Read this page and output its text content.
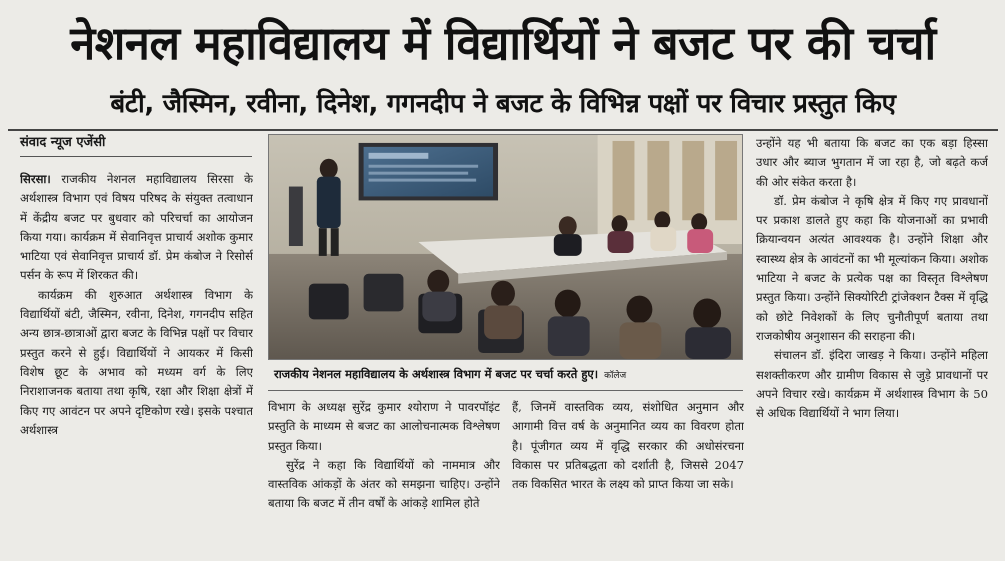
नेशनल महाविद्यालय में विद्यार्थियों ने बजट पर की चर्चा
बंटी, जैस्मिन, रवीना, दिनेश, गगनदीप ने बजट के विभिन्न पक्षों पर विचार प्रस्तुत किए
संवाद न्यूज एजेंसी

सिरसा। राजकीय नेशनल महाविद्यालय सिरसा के अर्थशास्त्र विभाग एवं विषय परिषद के संयुक्त तत्वाधान में केंद्रीय बजट पर बुधवार को परिचर्चा का आयोजन किया गया। कार्यक्रम में सेवानिवृत्त प्राचार्य अशोक कुमार भाटिया एवं सेवानिवृत्त प्राचार्य डॉ. प्रेम कंबोज ने रिसोर्स पर्सन के रूप में शिरकत की।

कार्यक्रम की शुरुआत अर्थशास्त्र विभाग के विद्यार्थियों बंटी, जैस्मिन, रवीना, दिनेश, गगनदीप सहित अन्य छात्र-छात्राओं द्वारा बजट के विभिन्न पक्षों पर विचार प्रस्तुत करने से हुई। विद्यार्थियों ने आयकर में किसी विशेष छूट के अभाव को मध्यम वर्ग के लिए निराशाजनक बताया तथा कृषि, रक्षा और शिक्षा क्षेत्रों में किए गए आवंटन पर अपने दृष्टिकोण रखे। इसके पश्चात अर्थशास्त्र

राजकीय नेशनल महाविद्यालय के अर्थशास्त्र विभाग में बजट पर चर्चा करते हुए। कॉलेज

विभाग के अध्यक्ष सुरेंद्र कुमार श्योराण ने पावरपॉइंट प्रस्तुति के माध्यम से बजट का आलोचनात्मक विश्लेषण प्रस्तुत किया।

सुरेंद्र ने कहा कि विद्यार्थियों को नाममात्र और वास्तविक आंकड़ों के अंतर को समझना चाहिए। उन्होंने बताया कि बजट में तीन वर्षों के आंकड़े शामिल होते

हैं, जिनमें वास्तविक व्यय, संशोधित अनुमान और आगामी वित्त वर्ष के अनुमानित व्यय का विवरण होता है। पूंजीगत व्यय में वृद्धि सरकार की अधोसंरचना विकास पर प्रतिबद्धता को दर्शाती है, जिससे 2047 तक विकसित भारत के लक्ष्य को प्राप्त किया जा सके।

उन्होंने यह भी बताया कि बजट का एक बड़ा हिस्सा उधार और ब्याज भुगतान में जा रहा है, जो बढ़ते कर्ज की ओर संकेत करता है।

डॉ. प्रेम कंबोज ने कृषि क्षेत्र में किए गए प्रावधानों पर प्रकाश डालते हुए कहा कि योजनाओं का प्रभावी क्रियान्वयन अत्यंत आवश्यक है। उन्होंने शिक्षा और स्वास्थ्य क्षेत्र के आवंटनों का भी मूल्यांकन किया। अशोक भाटिया ने बजट के प्रत्येक पक्ष का विस्तृत विश्लेषण प्रस्तुत किया। उन्होंने सिक्योरिटी ट्रांजेक्शन टैक्स में वृद्धि को छोटे निवेशकों के लिए चुनौतीपूर्ण बताया तथा राजकोषीय अनुशासन की सराहना की।

संचालन डॉ. इंदिरा जाखड़ ने किया। उन्होंने महिला सशक्तीकरण और ग्रामीण विकास से जुड़े प्रावधानों पर अपने विचार रखे। कार्यक्रम में अर्थशास्त्र विभाग के 50 से अधिक विद्यार्थियों ने भाग लिया।
